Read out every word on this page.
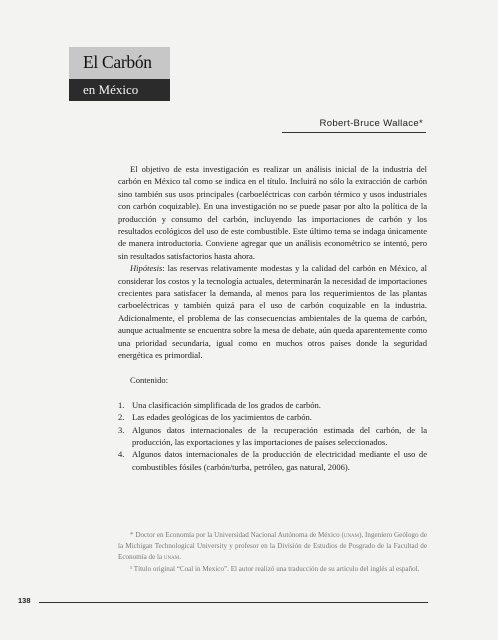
El Carbón
en México
Robert-Bruce Wallace*

El objetivo de esta investigación es realizar un análisis inicial de la industria del carbón en México tal como se indica en el título. Incluirá no sólo la extracción de carbón sino también sus usos principales (carboeléctricas con carbón térmico y usos industriales con carbón coquizable). En una investigación no se puede pasar por alto la política de la producción y consumo del carbón, incluyendo las importaciones de carbón y los resultados ecológicos del uso de este combustible. Este último tema se indaga únicamente de manera introductoria. Conviene agregar que un análisis econométrico se intentó, pero sin resultados satisfactorios hasta ahora.

Hipótesis: las reservas relativamente modestas y la calidad del carbón en México, al considerar los costos y la tecnología actuales, determinarán la necesidad de importaciones crecientes para satisfacer la demanda, al menos para los requerimientos de las plantas carboeléctricas y también quizá para el uso de carbón coquizable en la industria. Adicionalmente, el problema de las consecuencias ambientales de la quema de carbón, aunque actualmente se encuentra sobre la mesa de debate, aún queda aparentemente como una prioridad secundaria, igual como en muchos otros países donde la seguridad energética es primordial.

Contenido:

1. Una clasificación simplificada de los grados de carbón.
2. Las edades geológicas de los yacimientos de carbón.
3. Algunos datos internacionales de la recuperación estimada del carbón, de la producción, las exportaciones y las importaciones de países seleccionados.
4. Algunos datos internacionales de la producción de electricidad mediante el uso de combustibles fósiles (carbón/turba, petróleo, gas natural, 2006).

* Doctor en Economía por la Universidad Nacional Autónoma de México (unam), Ingeniero Geólogo de la Michigan Technological University y profesor en la División de Estudios de Posgrado de la Facultad de Economía de la unam.

¹ Título original “Coal in Mexico”. El autor realizó una traducción de su artículo del inglés al español.

138
